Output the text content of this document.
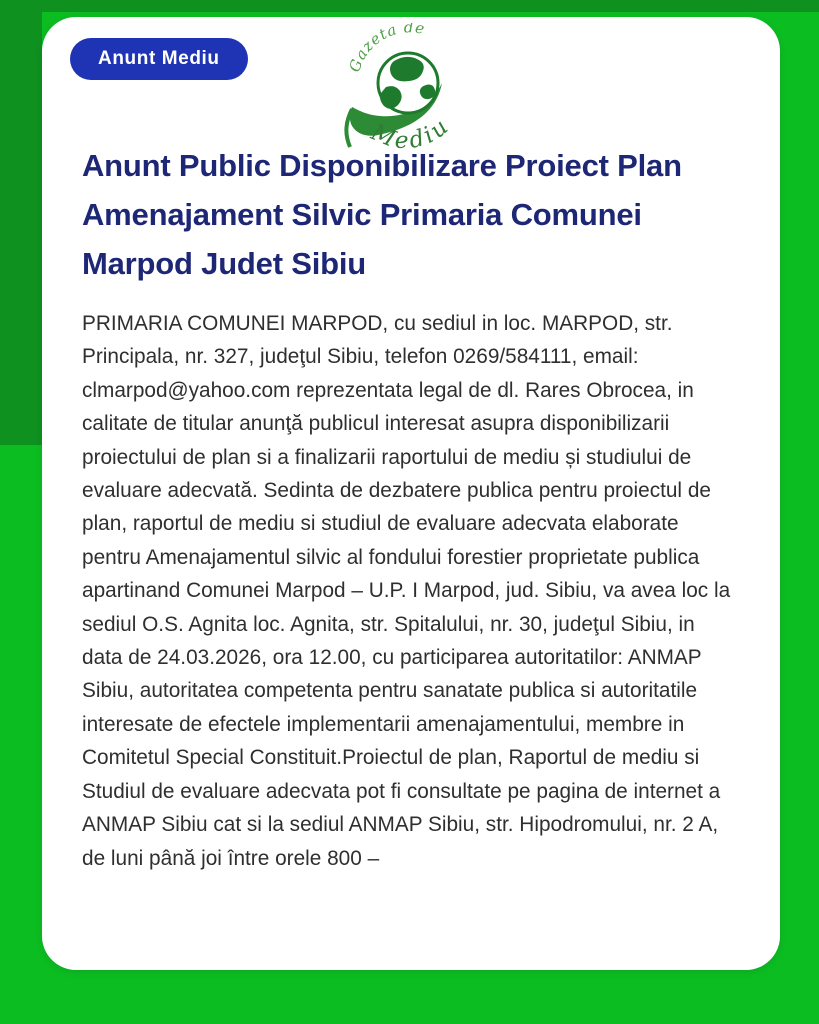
Anunt Mediu	Gazeta de
Mediu
Anunt Public Disponibilizare Proiect Plan Amenajament Silvic Primaria Comunei Marpod Judet Sibiu

PRIMARIA COMUNEI MARPOD, cu sediul in loc. MARPOD, str. Principala, nr. 327, judeţul Sibiu, telefon 0269/584111, email: clmarpod@yahoo.com reprezentata legal de dl. Rares Obrocea, in calitate de titular anunţă publicul interesat asupra disponibilizarii proiectului de plan si a finalizarii raportului de mediu și studiului de evaluare adecvată. Sedinta de dezbatere publica pentru proiectul de plan, raportul de mediu si studiul de evaluare adecvata elaborate pentru Amenajamentul silvic al fondului forestier proprietate publica apartinand Comunei Marpod – U.P. I Marpod, jud. Sibiu, va avea loc la sediul O.S. Agnita loc. Agnita, str. Spitalului, nr. 30, judeţul Sibiu, in data de 24.03.2026, ora 12.00, cu participarea autoritatilor: ANMAP Sibiu, autoritatea competenta pentru sanatate publica si autoritatile interesate de efectele implementarii amenajamentului, membre in Comitetul Special Constituit.Proiectul de plan, Raportul de mediu si Studiul de evaluare adecvata pot fi consultate pe pagina de internet a ANMAP Sibiu cat si la sediul ANMAP Sibiu, str. Hipodromului, nr. 2 A, de luni până joi între orele 800 –
